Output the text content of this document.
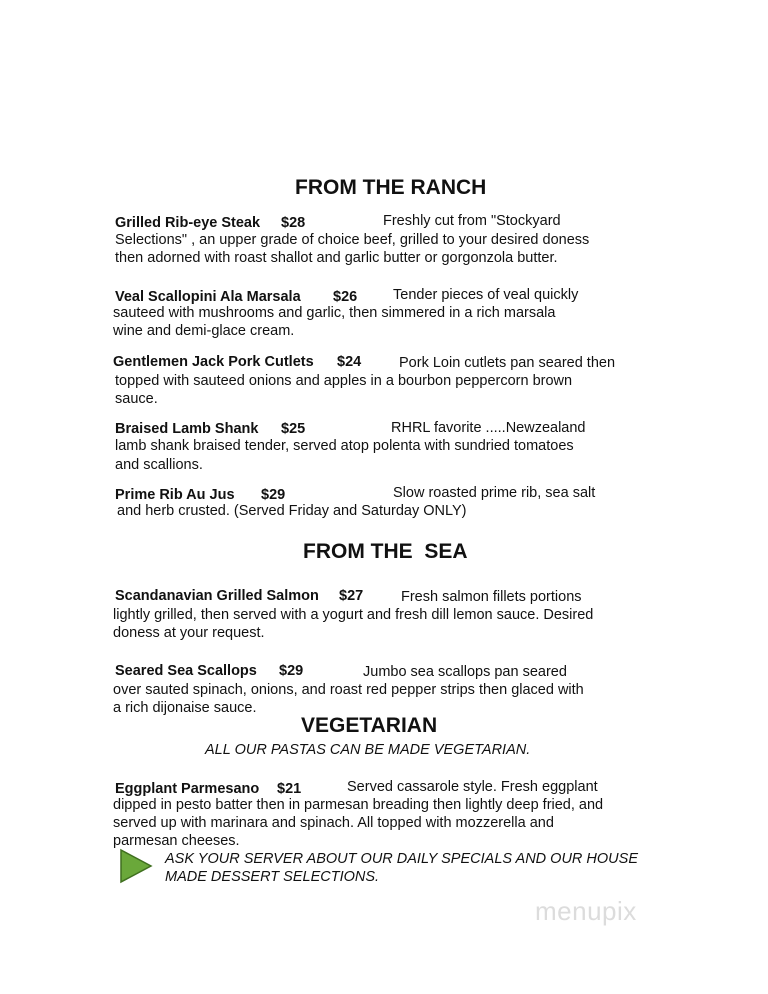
FROM THE RANCH
Grilled Rib-eye Steak $28	Freshly cut from "Stockyard
Selections" , an upper grade of choice beef, grilled to your desired doness
then adorned with roast shallot and garlic butter or gorgonzola butter.
Veal Scallopini Ala Marsala $26 Tender pieces of veal quickly
sauteed with mushrooms and garlic, then simmered in a rich marsala
wine and demi-glace cream.
Gentlemen Jack Pork Cutlets $24	Pork Loin cutlets pan seared then
topped with sauteed onions and apples in a bourbon peppercorn brown
sauce.
Braised Lamb Shank $25	RHRL favorite .....Newzealand
lamb shank braised tender, served atop polenta with sundried tomatoes
and scallions.
Prime Rib Au Jus $29	Slow roasted prime rib, sea salt
and herb crusted. (Served Friday and Saturday ONLY)
FROM THE  SEA
Scandanavian Grilled Salmon $27	Fresh salmon fillets portions
lightly grilled, then served with a yogurt and fresh dill lemon sauce. Desired
doness at your request.
Seared Sea Scallops $29	Jumbo sea scallops pan seared
over sauted spinach, onions, and roast red pepper strips then glaced with
a rich dijonaise sauce.
VEGETARIAN
ALL OUR PASTAS CAN BE MADE VEGETARIAN.
Eggplant Parmesano $21	Served cassarole style. Fresh eggplant
dipped in pesto batter then in parmesan breading then lightly deep fried, and
served up with marinara and spinach. All topped with mozzerella and
parmesan cheeses.
ASK YOUR SERVER ABOUT OUR DAILY SPECIALS AND OUR HOUSE
MADE DESSERT SELECTIONS.
menupix
